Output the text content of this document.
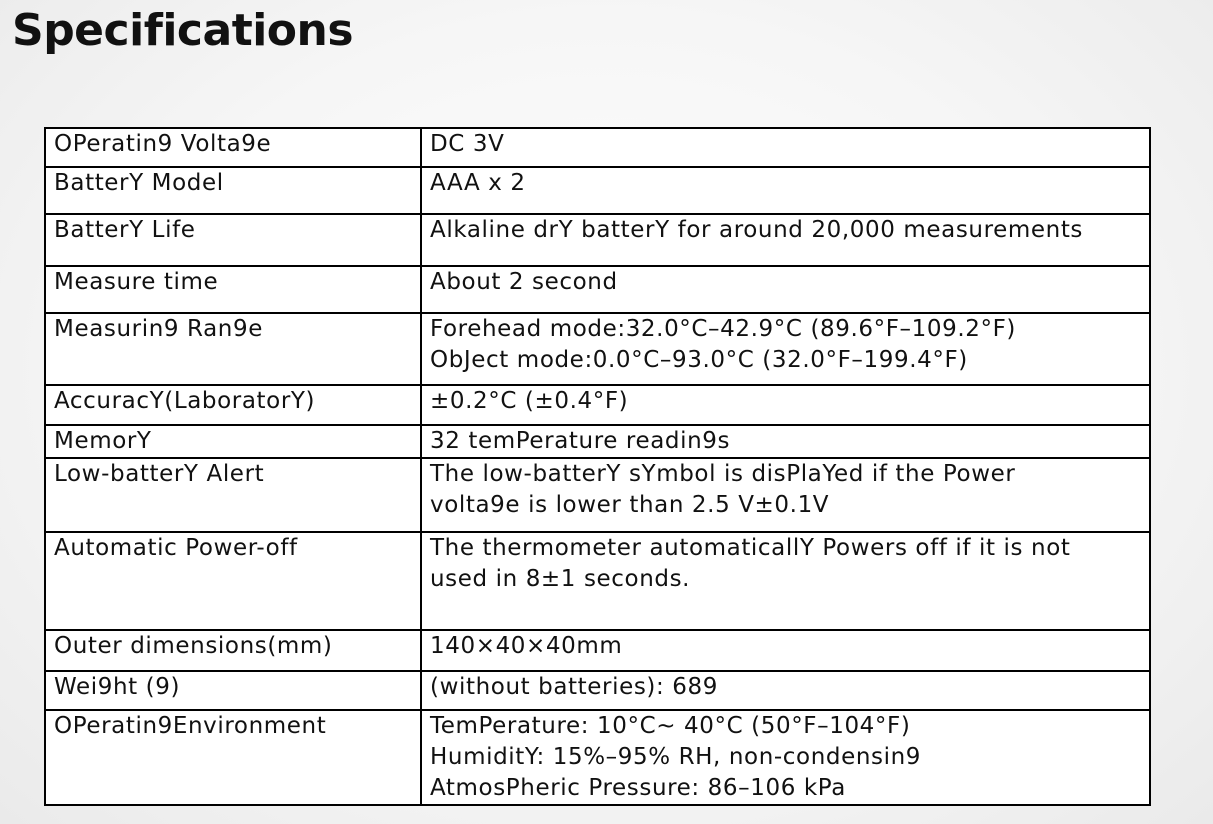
Specifications
OPeratin9 Volta9e	DC 3V
BatterY Model	AAA x 2
BatterY Life	Alkaline drY batterY for around 20,000 measurements
Measure time	About 2 second
Measurin9 Ran9e	Forehead mode:32.0°C–42.9°C (89.6°F–109.2°F)
ObJect mode:0.0°C–93.0°C (32.0°F–199.4°F)
AccuracY(LaboratorY)	±0.2°C (±0.4°F)
MemorY	32 temPerature readin9s
Low-batterY Alert	The low-batterY sYmbol is disPlaYed if the Power
volta9e is lower than 2.5 V±0.1V
Automatic Power-off	The thermometer automaticallY Powers off if it is not
used in 8±1 seconds.
Outer dimensions(mm)	140×40×40mm
Wei9ht (9)	(without batteries): 689
OPeratin9Environment	TemPerature: 10°C~ 40°C (50°F–104°F)
HumiditY: 15%–95% RH, non-condensin9
AtmosPheric Pressure: 86–106 kPa
